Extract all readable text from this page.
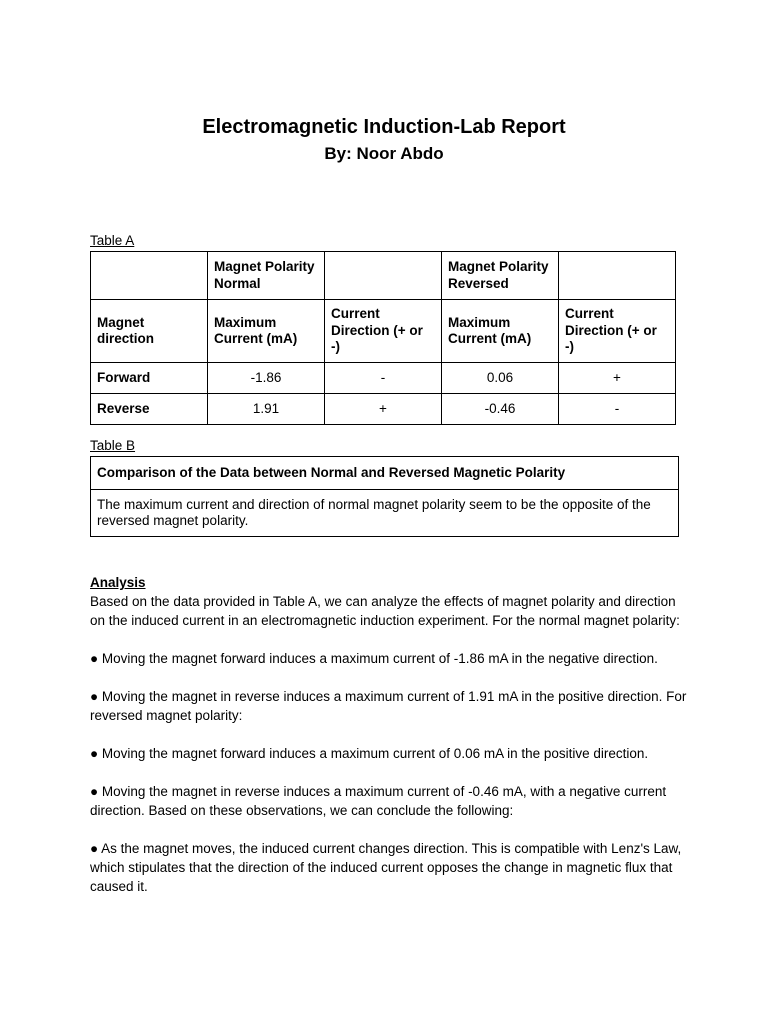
Electromagnetic Induction-Lab Report
By: Noor Abdo
Table A
	Magnet Polarity Normal		Magnet Polarity Reversed	
Magnet direction	Maximum Current (mA)	Current Direction (+ or -)	Maximum Current (mA)	Current Direction (+ or -)
Forward	-1.86	-	0.06	+
Reverse	1.91	+	-0.46	-
Table B
Comparison of the Data between Normal and Reversed Magnetic Polarity
The maximum current and direction of normal magnet polarity seem to be the opposite of the reversed magnet polarity.
Analysis

Based on the data provided in Table A, we can analyze the effects of magnet polarity and direction on the induced current in an electromagnetic induction experiment. For the normal magnet polarity:

● Moving the magnet forward induces a maximum current of -1.86 mA in the negative direction.

● Moving the magnet in reverse induces a maximum current of 1.91 mA in the positive direction. For reversed magnet polarity:

● Moving the magnet forward induces a maximum current of 0.06 mA in the positive direction.

● Moving the magnet in reverse induces a maximum current of -0.46 mA, with a negative current direction. Based on these observations, we can conclude the following:

● As the magnet moves, the induced current changes direction. This is compatible with Lenz's Law, which stipulates that the direction of the induced current opposes the change in magnetic flux that caused it.
